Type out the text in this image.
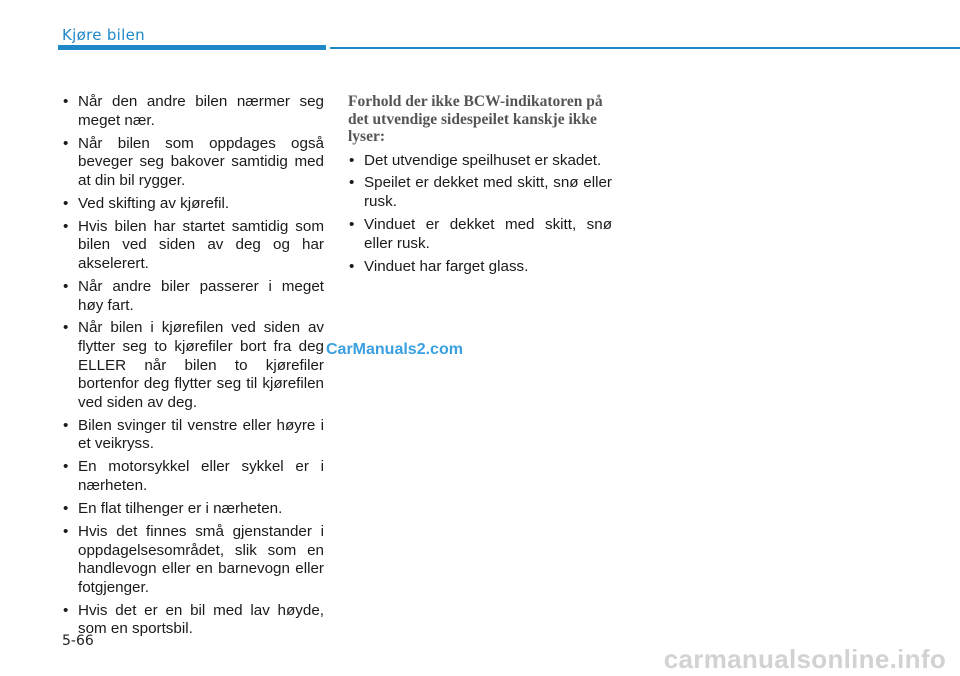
Kjøre bilen
• Når den andre bilen nærmer seg meget nær.
• Når bilen som oppdages også beveger seg bakover samtidig med at din bil rygger.
• Ved skifting av kjørefil.
• Hvis bilen har startet samtidig som bilen ved siden av deg og har akselerert.
• Når andre biler passerer i meget høy fart.
• Når bilen i kjørefilen ved siden av flytter seg to kjørefiler bort fra deg ELLER når bilen to kjørefiler bortenfor deg flytter seg til kjørefilen ved siden av deg.
• Bilen svinger til venstre eller høyre i et veikryss.
• En motorsykkel eller sykkel er i nærheten.
• En flat tilhenger er i nærheten.
• Hvis det finnes små gjenstander i oppdagelsesområdet, slik som en handlevogn eller en barnevogn eller fotgjenger.
• Hvis det er en bil med lav høyde, som en sportsbil.
Forhold der ikke BCW-indikatoren på det utvendige sidespeilet kanskje ikke lyser:
• Det utvendige speilhuset er skadet.
• Speilet er dekket med skitt, snø eller rusk.
• Vinduet er dekket med skitt, snø eller rusk.
• Vinduet har farget glass.
CarManuals2.com
5-66
carmanualsonline.info
